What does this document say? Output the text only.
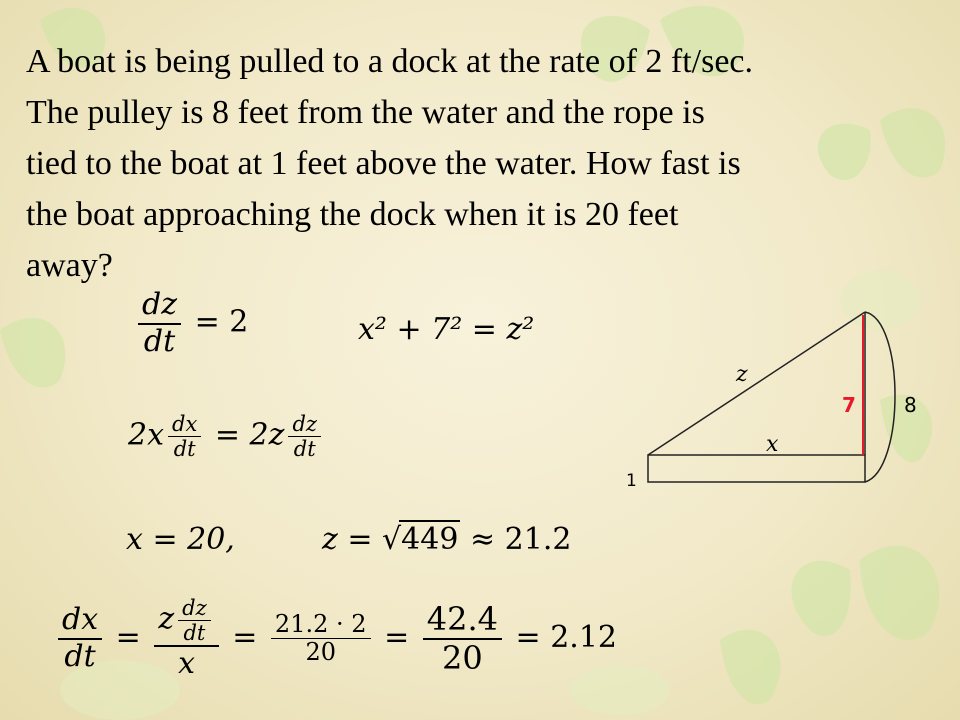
A boat is being pulled to a dock at the rate of 2 ft/sec.
The pulley is 8 feet from the water and the rope is
tied to the boat at 1 feet above the water. How fast is
the boat approaching the dock when it is 20 feet
away?
$\frac{dz}{dt} = 2$	x² + 7² = z²
$2x \frac{dx}{dt} = 2z \frac{dz}{dt}$
x = 20,	z = √449 ≈ 21.2
$\frac{dx}{dt} = \frac{z \frac{dz}{dt}}{x} = \frac{21.2 \cdot 2}{20} = \frac{42.4}{20} = 2.12$
z
x
7 8
1
